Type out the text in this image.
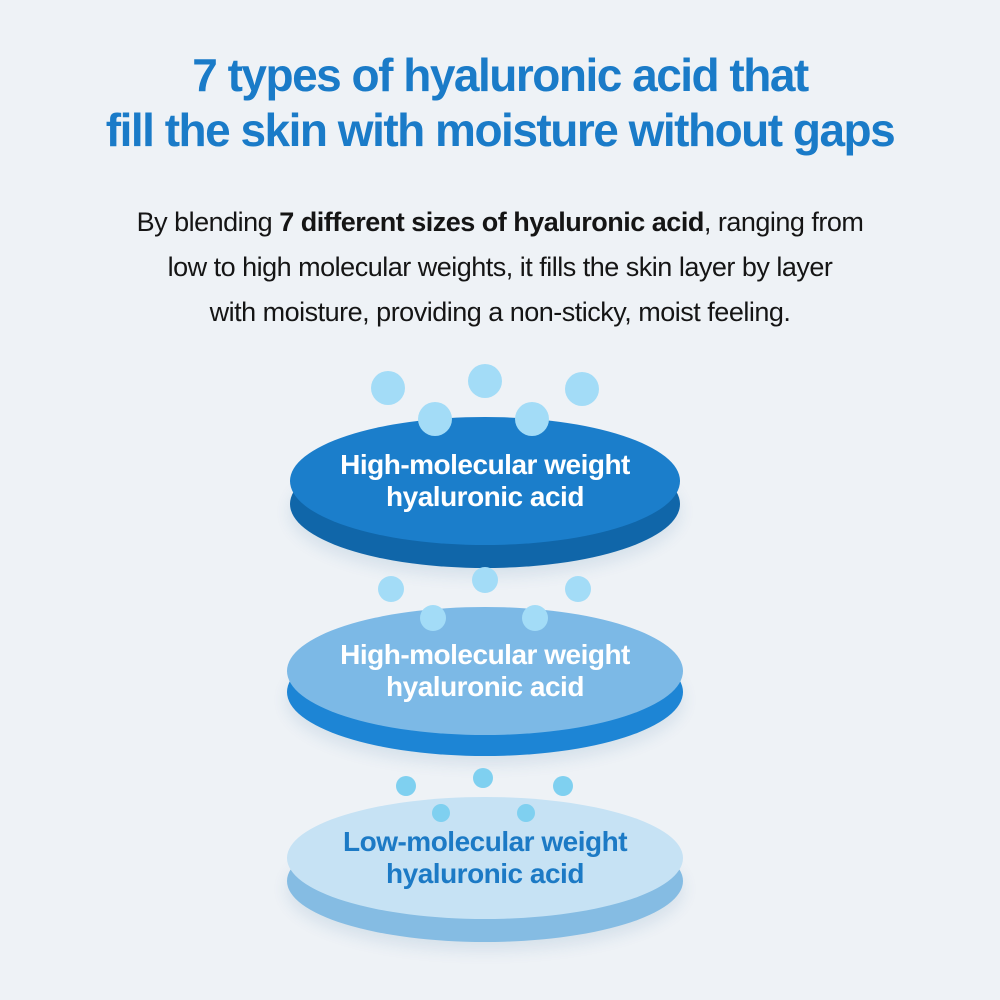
7 types of hyaluronic acid that
fill the skin with moisture without gaps
By blending 7 different sizes of hyaluronic acid, ranging from
low to high molecular weights, it fills the skin layer by layer
with moisture, providing a non-sticky, moist feeling.
High-molecular weight
hyaluronic acid
High-molecular weight
hyaluronic acid
Low-molecular weight
hyaluronic acid
